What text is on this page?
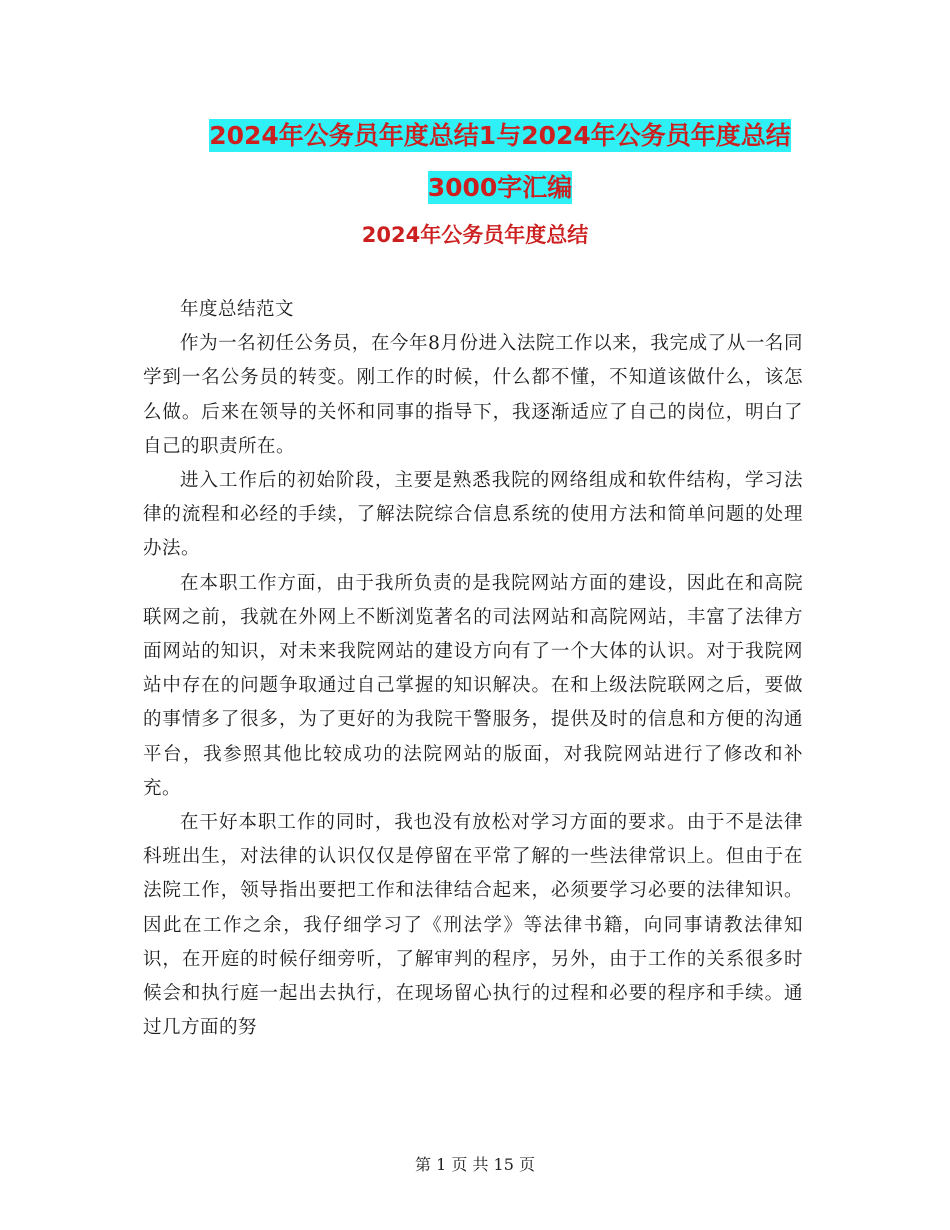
2024年公务员年度总结1与2024年公务员年度总结
3000字汇编
2024年公务员年度总结

年度总结范文

作为一名初任公务员，在今年8月份进入法院工作以来，我完成了从一名同学到一名公务员的转变。刚工作的时候，什么都不懂，不知道该做什么，该怎么做。后来在领导的关怀和同事的指导下，我逐渐适应了自己的岗位，明白了自己的职责所在。

进入工作后的初始阶段，主要是熟悉我院的网络组成和软件结构，学习法律的流程和必经的手续，了解法院综合信息系统的使用方法和简单问题的处理办法。

在本职工作方面，由于我所负责的是我院网站方面的建设，因此在和高院联网之前，我就在外网上不断浏览著名的司法网站和高院网站，丰富了法律方面网站的知识，对未来我院网站的建设方向有了一个大体的认识。对于我院网站中存在的问题争取通过自己掌握的知识解决。在和上级法院联网之后，要做的事情多了很多，为了更好的为我院干警服务，提供及时的信息和方便的沟通平台，我参照其他比较成功的法院网站的版面，对我院网站进行了修改和补充。

在干好本职工作的同时，我也没有放松对学习方面的要求。由于不是法律科班出生，对法律的认识仅仅是停留在平常了解的一些法律常识上。但由于在法院工作，领导指出要把工作和法律结合起来，必须要学习必要的法律知识。因此在工作之余，我仔细学习了《刑法学》等法律书籍，向同事请教法律知识，在开庭的时候仔细旁听，了解审判的程序，另外，由于工作的关系很多时候会和执行庭一起出去执行，在现场留心执行的过程和必要的程序和手续。通过几方面的努

第 1 页 共 15 页
